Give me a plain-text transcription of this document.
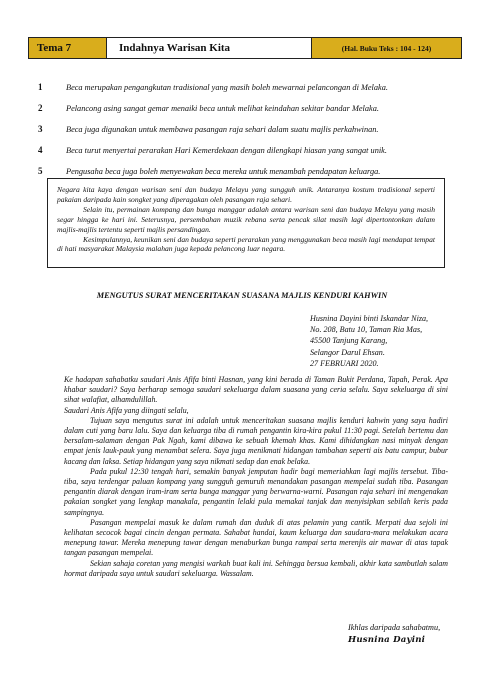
Tema 7	Indahnya Warisan Kita	(Hal. Buku Teks : 104 - 124)
1	Beca merupakan pengangkutan tradisional yang masih boleh mewarnai pelancongan di Melaka.
2	Pelancong asing sangat gemar menaiki beca untuk melihat keindahan sekitar bandar Melaka.
3	Beca juga digunakan untuk membawa pasangan raja sehari dalam suatu majlis perkahwinan.
4	Beca turut menyertai perarakan Hari Kemerdekaan dengan dilengkapi hiasan yang sangat unik.
5	Pengusaha beca juga boleh menyewakan beca mereka untuk menambah pendapatan keluarga.

Negara kita kaya dengan warisan seni dan budaya Melayu yang sungguh unik. Antaranya kostum tradisional seperti pakaian daripada kain songket yang diperagakan oleh pasangan raja sehari.

Selain itu, permainan kompang dan bunga manggar adalah antara warisan seni dan budaya Melayu yang masih segar hingga ke hari ini. Seterusnya, persembahan muzik rebana serta pencak silat masih lagi dipertontonkan dalam majlis-majlis tertentu seperti majlis persandingan.

Kesimpulannya, keunikan seni dan budaya seperti perarakan yang menggunakan beca masih lagi mendapat tempat di hati masyarakat Malaysia malahan juga kepada pelancong luar negara.

MENGUTUS SURAT MENCERITAKAN SUASANA MAJLIS KENDURI KAHWIN
Husnina Dayini binti Iskandar Niza,
No. 208, Batu 10, Taman Ria Mas,
45500 Tanjung Karang,
Selangor Darul Ehsan.
27 FEBRUARI 2020.

Ke hadapan sahabatku saudari Anis Afifa binti Hasnan, yang kini berada di Taman Bukit Perdana, Tapah, Perak. Apa khabar saudari? Saya berharap semoga saudari sekeluarga dalam suasana yang ceria selalu. Saya sekeluarga di sini sihat walafiat, alhamdulillah.

Saudari Anis Afifa yang diingati selalu,

Tujuan saya mengutus surat ini adalah untuk menceritakan suasana majlis kenduri kahwin yang saya hadiri dalam cuti yang baru lalu. Saya dan keluarga tiba di rumah pengantin kira-kira pukul 11:30 pagi. Setelah bertemu dan bersalam-salaman dengan Pak Ngah, kami dibawa ke sebuah khemah khas. Kami dihidangkan nasi minyak dengan empat jenis lauk-pauk yang menambat selera. Saya juga menikmati hidangan tambahan seperti ais batu campur, bubur kacang dan laksa. Setiap hidangan yang saya nikmati sedap dan enak belaka.

Pada pukul 12:30 tengah hari, semakin banyak jemputan hadir bagi memeriahkan lagi majlis tersebut. Tiba-tiba, saya terdengar paluan kompang yang sungguh gemuruh menandakan pasangan mempelai sudah tiba. Pasangan pengantin diarak dengan iram-iram serta bunga manggar yang berwarna-warni. Pasangan raja sehari ini mengenakan pakaian songket yang lengkap manakala, pengantin lelaki pula memakai tanjak dan menyisipkan sebilah keris pada sampingnya.

Pasangan mempelai masuk ke dalam rumah dan duduk di atas pelamin yang cantik. Merpati dua sejoli ini kelihatan secocok bagai cincin dengan permata. Sahabat handai, kaum keluarga dan saudara-mara melakukan acara menepung tawar. Mereka menepung tawar dengan menaburkan bunga rampai serta merenjis air mawar di atas tapak tangan pasangan mempelai.

Sekian sahaja coretan yang mengisi warkah buat kali ini. Sehingga bersua kembali, akhir kata sambutlah salam hormat daripada saya untuk saudari sekeluarga. Wassalam.

Ikhlas daripada sahabatmu,
Husnina Dayini
